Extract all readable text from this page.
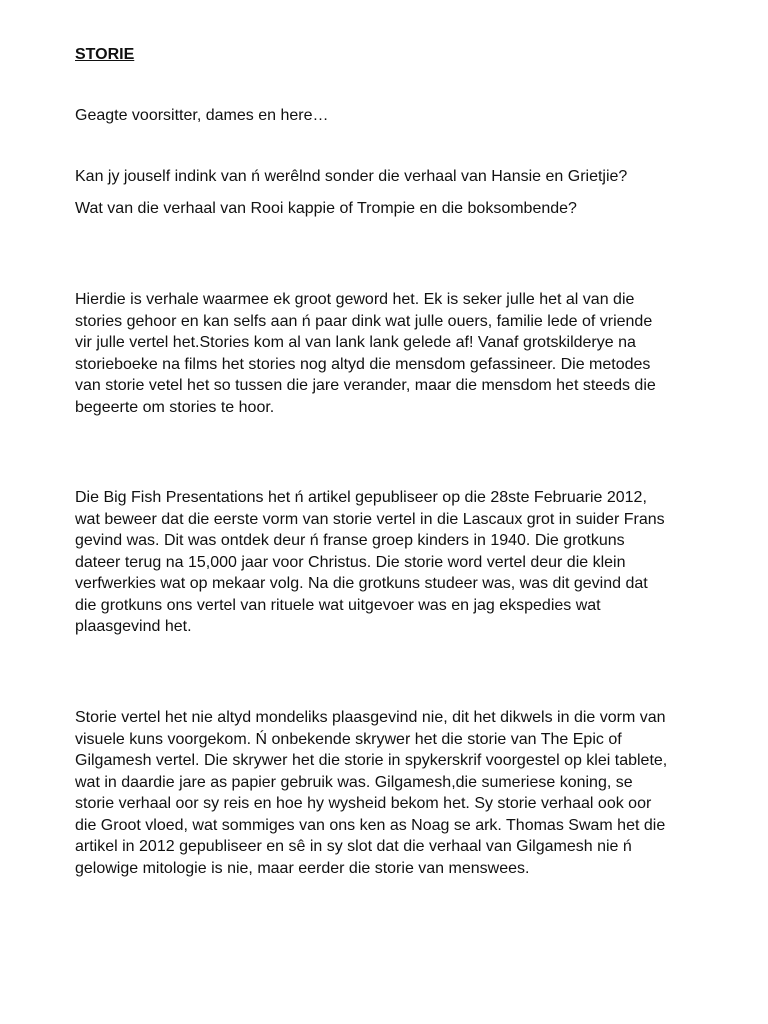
STORIE
Geagte voorsitter, dames en here…
Kan jy jouself indink van ń werêlnd sonder die verhaal van Hansie en Grietjie?
Wat van die verhaal van Rooi kappie of Trompie en die boksombende?
Hierdie is verhale waarmee ek groot geword het. Ek is seker julle het al van die
stories gehoor en kan selfs aan ń paar dink wat julle ouers, familie lede of vriende
vir julle vertel het.Stories kom al van lank lank gelede af! Vanaf grotskilderye na
storieboeke na films het stories nog altyd die mensdom gefassineer. Die metodes
van storie vetel het so tussen die jare verander, maar die mensdom het steeds die
begeerte om stories te hoor.
Die Big Fish Presentations het ń artikel gepubliseer op die 28ste Februarie 2012,
wat beweer dat die eerste vorm van storie vertel in die Lascaux grot in suider Frans
gevind was. Dit was ontdek deur ń franse groep kinders in 1940. Die grotkuns
dateer terug na 15,000 jaar voor Christus. Die storie word vertel deur die klein
verfwerkies wat op mekaar volg. Na die grotkuns studeer was, was dit gevind dat
die grotkuns ons vertel van rituele wat uitgevoer was en jag ekspedies wat
plaasgevind het.
Storie vertel het nie altyd mondeliks plaasgevind nie, dit het dikwels in die vorm van
visuele kuns voorgekom. Ń onbekende skrywer het die storie van The Epic of
Gilgamesh vertel. Die skrywer het die storie in spykerskrif voorgestel op klei tablete,
wat in daardie jare as papier gebruik was. Gilgamesh,die sumeriese koning, se
storie verhaal oor sy reis en hoe hy wysheid bekom het. Sy storie verhaal ook oor
die Groot vloed, wat sommiges van ons ken as Noag se ark. Thomas Swam het die
artikel in 2012 gepubliseer en sê in sy slot dat die verhaal van Gilgamesh nie ń
gelowige mitologie is nie, maar eerder die storie van menswees.
